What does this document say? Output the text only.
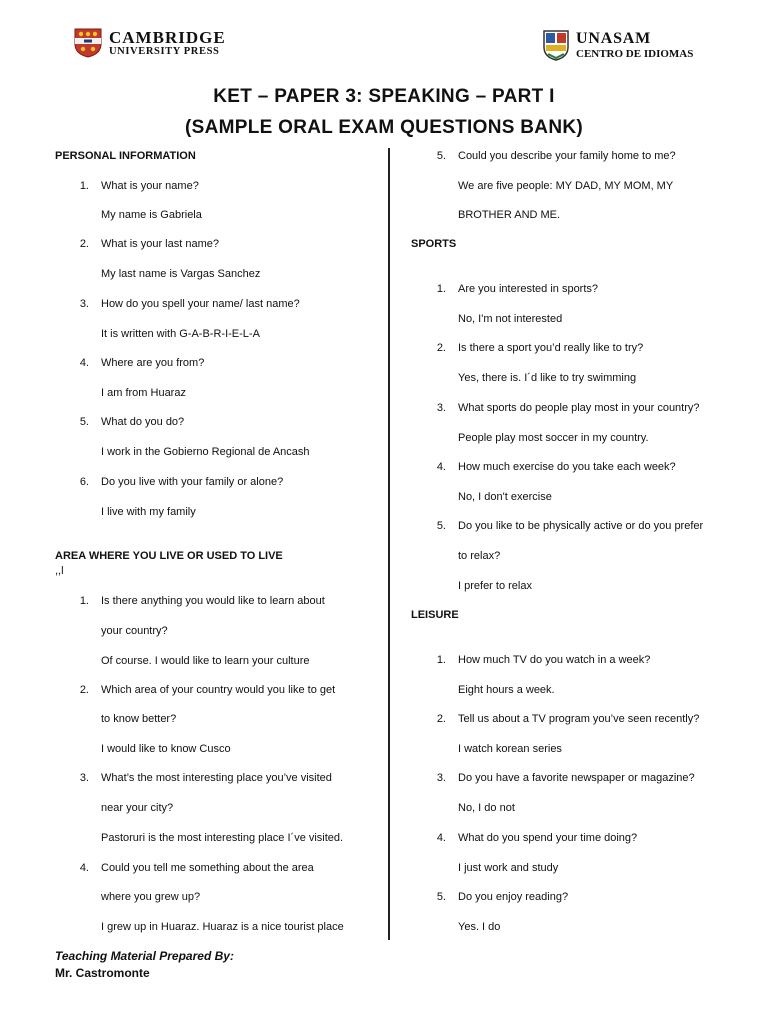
CAMBRIDGE
UNIVERSITY PRESS
UNASAM
CENTRO DE IDIOMAS
KET – PAPER 3: SPEAKING – PART I
(SAMPLE ORAL EXAM QUESTIONS BANK)
PERSONAL INFORMATION
1. What is your name?
My name is Gabriela
2. What is your last name?
My last name is Vargas Sanchez
3. How do you spell your name/ last name?
It is written with G-A-B-R-I-E-L-A
4. Where are you from?
I am from Huaraz
5. What do you do?
I work in the Gobierno Regional de Ancash
6. Do you live with your family or alone?
I live with my family
AREA WHERE YOU LIVE OR USED TO LIVE
,,l
1. Is there anything you would like to learn about
your country?
Of course. I would like to learn your culture
2. Which area of your country would you like to get
to know better?
I would like to know Cusco
3. What’s the most interesting place you’ve visited
near your city?
Pastoruri is the most interesting place I´ve visited.
4. Could you tell me something about the area
where you grew up?
I grew up in Huaraz. Huaraz is a nice tourist place
5. Could you describe your family home to me?
We are five people: MY DAD, MY MOM, MY
BROTHER AND ME.
SPORTS
1. Are you interested in sports?
No, I'm not interested
2. Is there a sport you’d really like to try?
Yes, there is. I´d like to try swimming
3. What sports do people play most in your country?
People play most soccer in my country.
4. How much exercise do you take each week?
No, I don't exercise
5. Do you like to be physically active or do you prefer
to relax?
I prefer to relax
LEISURE
1. How much TV do you watch in a week?
Eight hours a week.
2. Tell us about a TV program you’ve seen recently?
I watch korean series
3. Do you have a favorite newspaper or magazine?
No, I do not
4. What do you spend your time doing?
I just work and study
5. Do you enjoy reading?
Yes. I do
Teaching Material Prepared By:
Mr. Castromonte
